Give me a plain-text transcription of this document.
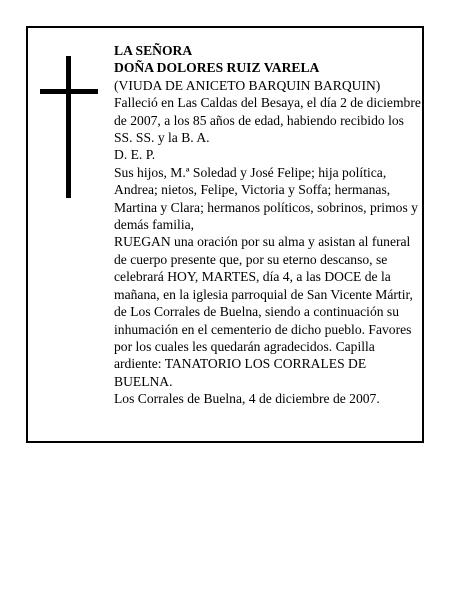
LA SEÑORA
DOÑA DOLORES RUIZ VARELA
(VIUDA DE ANICETO BARQUIN BARQUIN)
Falleció en Las Caldas del Besaya, el día 2 de diciembre de 2007, a los 85 años de edad, habiendo recibido los SS. SS. y la B. A.
D. E. P.
Sus hijos, M.ª Soledad y José Felipe; hija política, Andrea; nietos, Felipe, Victoria y Soffa; hermanas, Martina y Clara; hermanos políticos, sobrinos, primos y demás familia,
RUEGAN una oración por su alma y asistan al funeral de cuerpo presente que, por su eterno descanso, se celebrará HOY, MARTES, día 4, a las DOCE de la mañana, en la iglesia parroquial de San Vicente Mártir, de Los Corrales de Buelna, siendo a continuación su inhumación en el cementerio de dicho pueblo. Favores por los cuales les quedarán agradecidos. Capilla ardiente: TANATORIO LOS CORRALES DE BUELNA.
Los Corrales de Buelna, 4 de diciembre de 2007.
